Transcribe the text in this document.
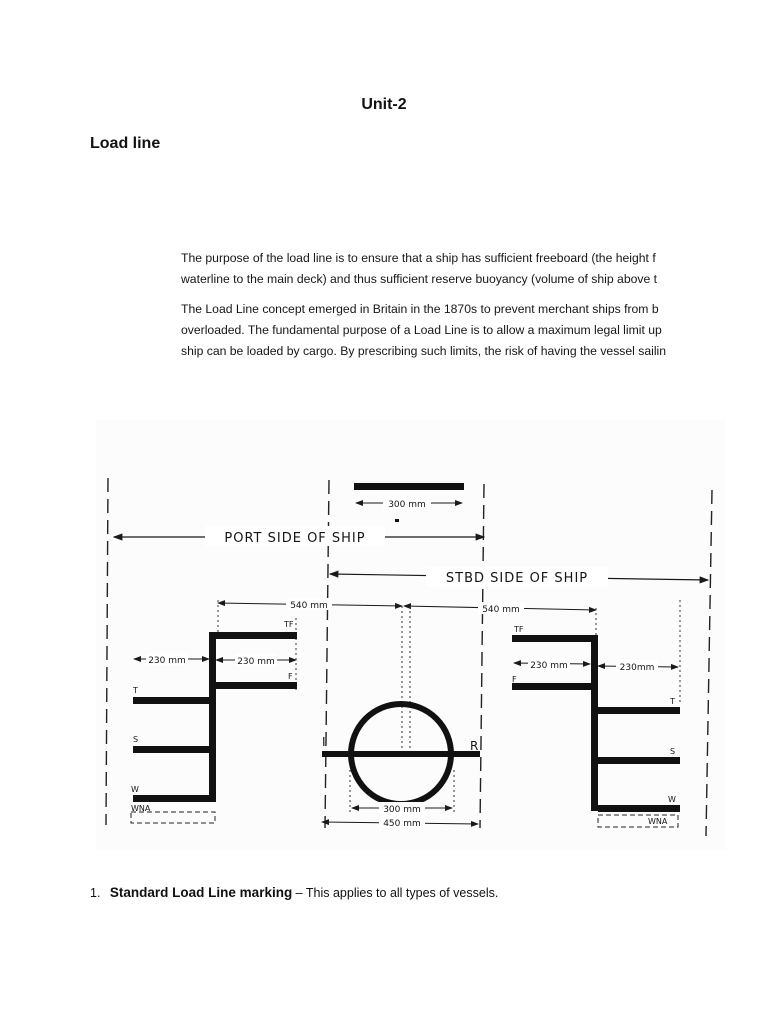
Unit-2
Load line

The purpose of the load line is to ensure that a ship has sufficient freeboard (the height f
waterline to the main deck) and thus sufficient reserve buoyancy (volume of ship above t

The Load Line concept emerged in Britain in the 1870s to prevent merchant ships from b
overloaded. The fundamental purpose of a Load Line is to allow a maximum legal limit up
ship can be loaded by cargo. By prescribing such limits, the risk of having the vessel sailin

300 mm
PORT SIDE OF SHIP
STBD SIDE OF SHIP
540 mm	540 mm
230 mm	230 mm
TF
F
T
S
W
WNA
I	R
300 mm
450 mm
230 mm	230mm
TF
F
T
S
W
WNA
1. Standard Load Line marking – This applies to all types of vessels.
